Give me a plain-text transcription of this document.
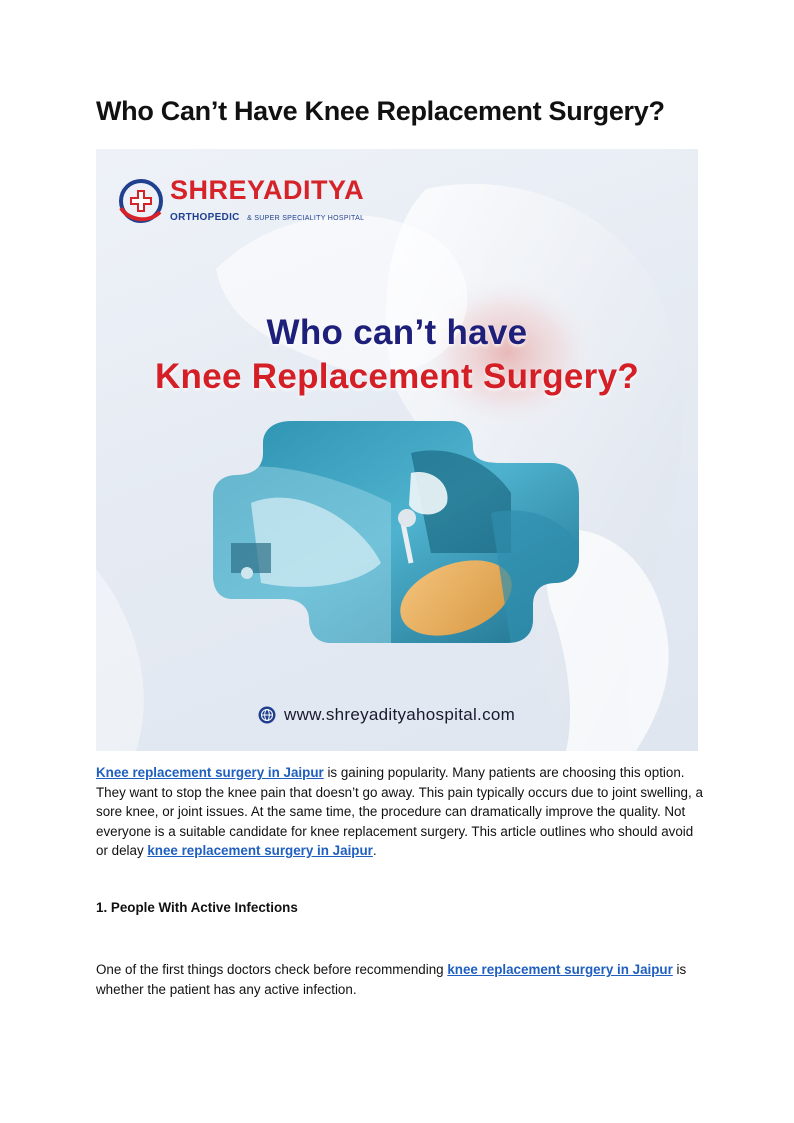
Who Can’t Have Knee Replacement Surgery?
SHREYADITYA
ORTHOPEDIC & SUPER SPECIALITY HOSPITAL
Who can’t have
Knee Replacement Surgery?
www.shreyadityahospital.com

Knee replacement surgery in Jaipur is gaining popularity. Many patients are choosing this option. They want to stop the knee pain that doesn’t go away. This pain typically occurs due to joint swelling, a sore knee, or joint issues. At the same time, the procedure can dramatically improve the quality. Not everyone is a suitable candidate for knee replacement surgery. This article outlines who should avoid or delay knee replacement surgery in Jaipur.

1. People With Active Infections

One of the first things doctors check before recommending knee replacement surgery in Jaipur is whether the patient has any active infection.
